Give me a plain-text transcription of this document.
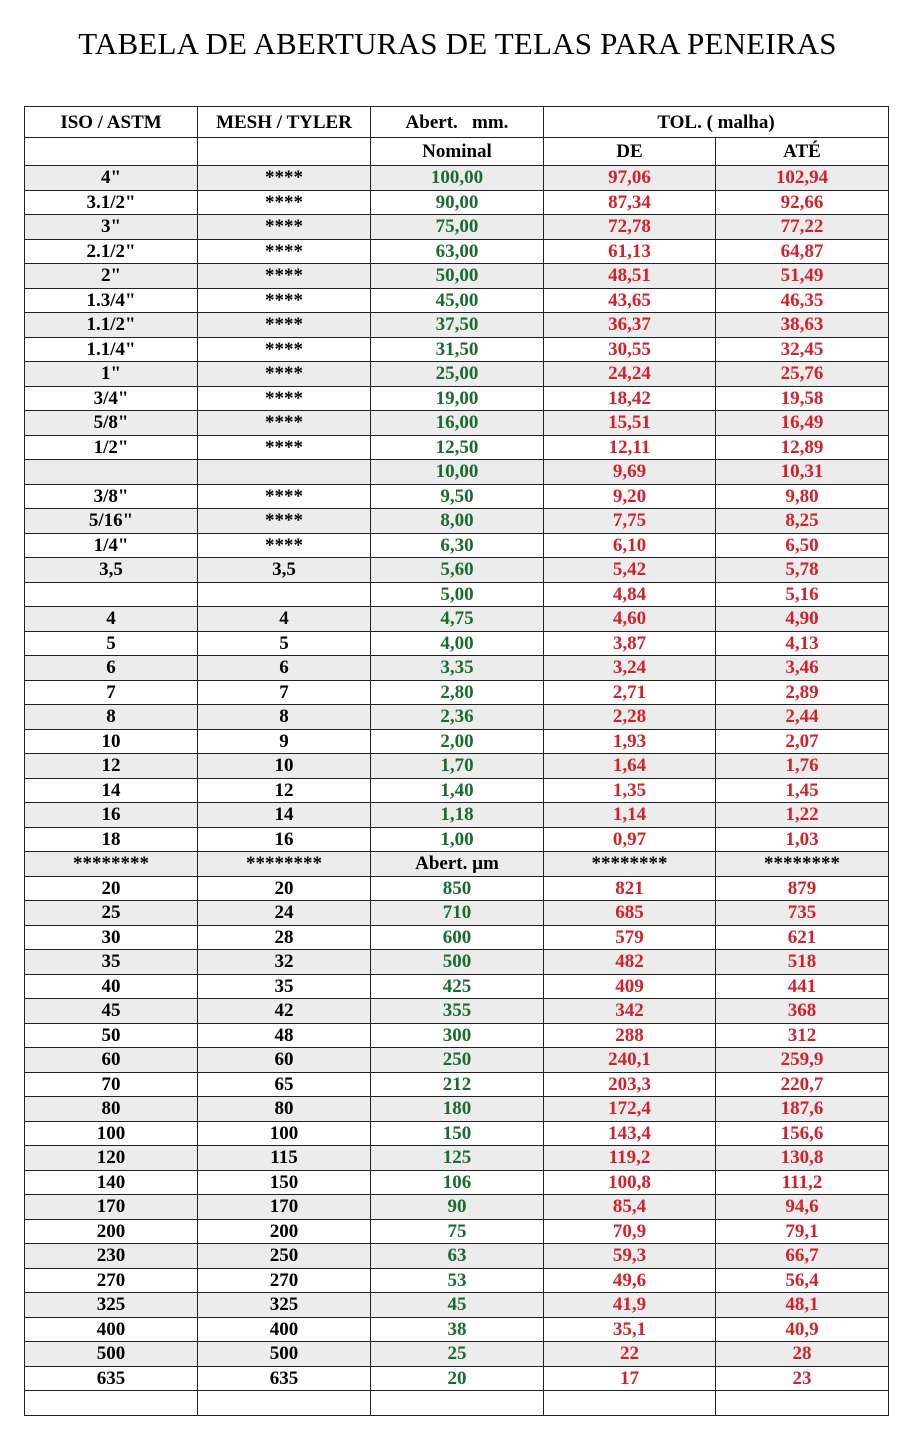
TABELA DE ABERTURAS DE TELAS PARA PENEIRAS
ISO / ASTM	MESH / TYLER	Abert.   mm.	TOL. ( malha)	
		Nominal	DE	ATÉ
4"	****	100,00	97,06	102,94
3.1/2"	****	90,00	87,34	92,66
3"	****	75,00	72,78	77,22
2.1/2"	****	63,00	61,13	64,87
2"	****	50,00	48,51	51,49
1.3/4"	****	45,00	43,65	46,35
1.1/2"	****	37,50	36,37	38,63
1.1/4"	****	31,50	30,55	32,45
1"	****	25,00	24,24	25,76
3/4"	****	19,00	18,42	19,58
5/8"	****	16,00	15,51	16,49
1/2"	****	12,50	12,11	12,89
		10,00	9,69	10,31
3/8"	****	9,50	9,20	9,80
5/16"	****	8,00	7,75	8,25
1/4"	****	6,30	6,10	6,50
3,5	3,5	5,60	5,42	5,78
		5,00	4,84	5,16
4	4	4,75	4,60	4,90
5	5	4,00	3,87	4,13
6	6	3,35	3,24	3,46
7	7	2,80	2,71	2,89
8	8	2,36	2,28	2,44
10	9	2,00	1,93	2,07
12	10	1,70	1,64	1,76
14	12	1,40	1,35	1,45
16	14	1,18	1,14	1,22
18	16	1,00	0,97	1,03
********	********	Abert. µm	********	********
20	20	850	821	879
25	24	710	685	735
30	28	600	579	621
35	32	500	482	518
40	35	425	409	441
45	42	355	342	368
50	48	300	288	312
60	60	250	240,1	259,9
70	65	212	203,3	220,7
80	80	180	172,4	187,6
100	100	150	143,4	156,6
120	115	125	119,2	130,8
140	150	106	100,8	111,2
170	170	90	85,4	94,6
200	200	75	70,9	79,1
230	250	63	59,3	66,7
270	270	53	49,6	56,4
325	325	45	41,9	48,1
400	400	38	35,1	40,9
500	500	25	22	28
635	635	20	17	23
